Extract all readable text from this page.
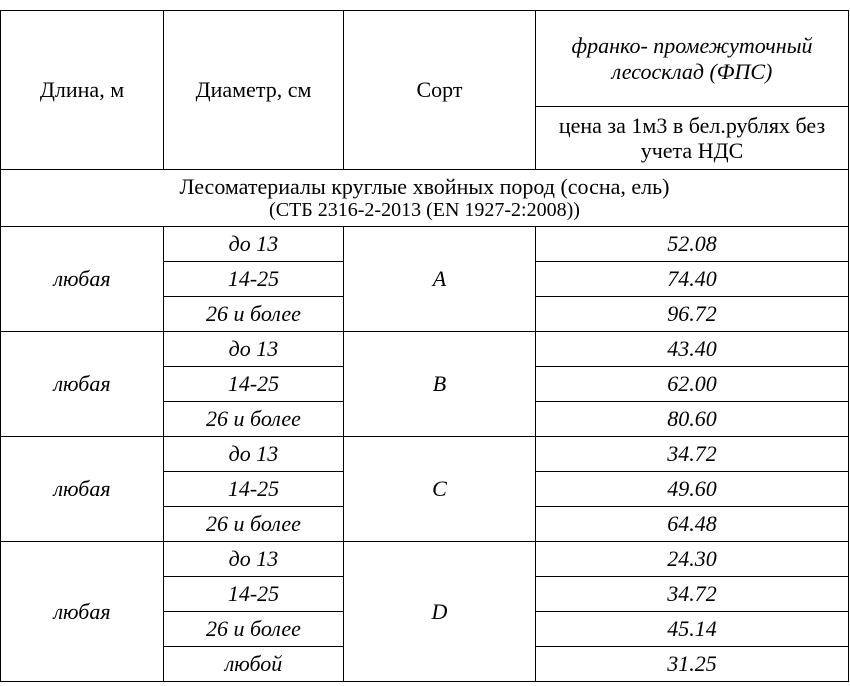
Длина, м	Диаметр, см	Сорт	франко- промежуточный лесосклад (ФПС)
			цена за 1м3 в бел.рублях без учета НДС

Лесоматериалы круглые хвойных пород (сосна, ель)
(СТБ 2316-2-2013 (EN 1927-2:2008))			

любая	до 13	A	52.08
	14-25		74.40
	26 и более		96.72
любая	до 13	B	43.40
	14-25		62.00
	26 и более		80.60
любая	до 13	C	34.72
	14-25		49.60
	26 и более		64.48
любая	до 13	D	24.30
	14-25		34.72
	26 и более		45.14
	любой		31.25
